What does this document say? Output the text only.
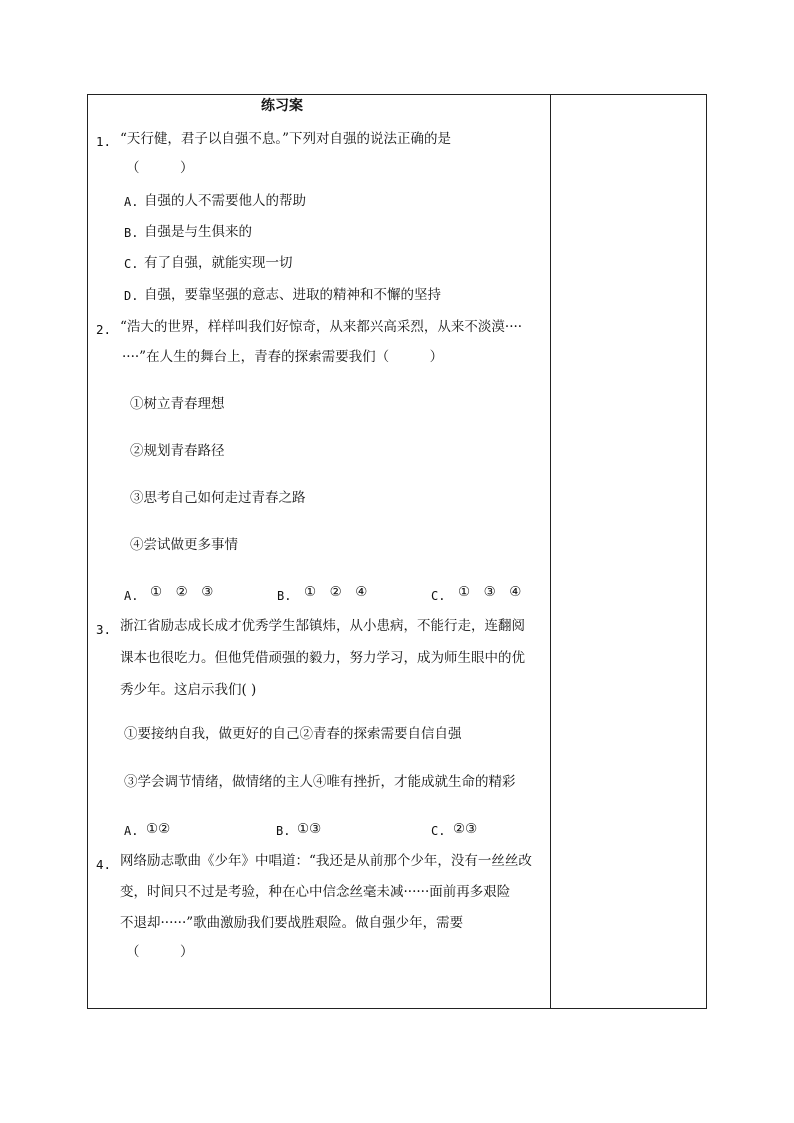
练习案
1. “天行健，君子以自强不息。”下列对自强的说法正确的是
（　　　）
A. 自强的人不需要他人的帮助
B. 自强是与生俱来的
C. 有了自强，就能实现一切
D. 自强，要靠坚强的意志、进取的精神和不懈的坚持
2. “浩大的世界，样样叫我们好惊奇，从来都兴高采烈，从来不淡漠····
····”在人生的舞台上，青春的探索需要我们（　　　）
①树立青春理想
②规划青春路径
③思考自己如何走过青春之路
④尝试做更多事情
A. ①　②　③	B. ①　②　④	C. ①　③　④
3. 浙江省励志成长成才优秀学生郜镇炜，从小患病，不能行走，连翻阅
课本也很吃力。但他凭借顽强的毅力，努力学习，成为师生眼中的优
秀少年。这启示我们( )
①要接纳自我，做更好的自己②青春的探索需要自信自强
③学会调节情绪，做情绪的主人④唯有挫折，才能成就生命的精彩
A. ①②	B. ①③	C. ②③
4. 网络励志歌曲《少年》中唱道：“我还是从前那个少年，没有一丝丝改
变，时间只不过是考验，种在心中信念丝毫未减······面前再多艰险
不退却······”歌曲激励我们要战胜艰险。做自强少年，需要
（　　　）
